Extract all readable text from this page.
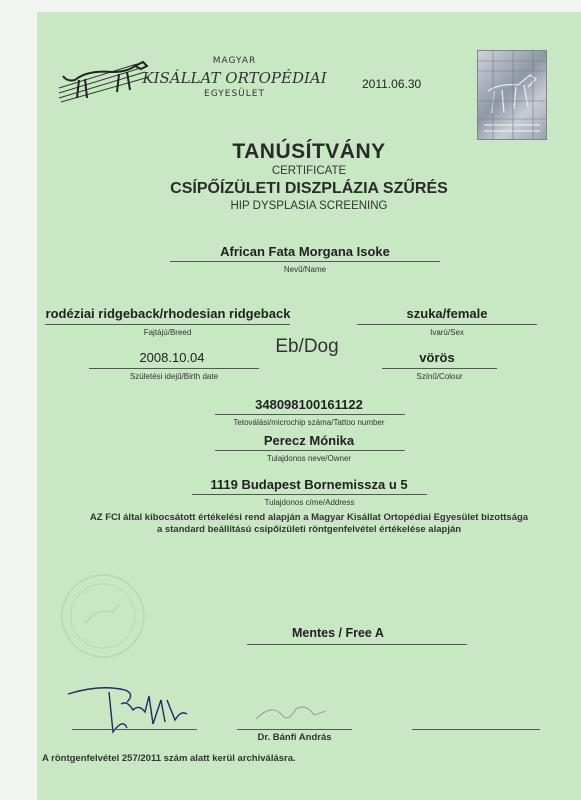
MAGYAR
KISÁLLAT ORTOPÉDIAI
EGYESÜLET
2011.06.30
TANÚSÍTVÁNY
CERTIFICATE
CSÍPŐÍZÜLETI DISZPLÁZIA SZŰRÉS
HIP DYSPLASIA SCREENING
African Fata Morgana Isoke
Nevű/Name
rodéziai ridgeback/rhodesian ridgeback
Fajtájú/Breed
szuka/female
Ivarú/Sex
Eb/Dog
2008.10.04
Születési idejű/Birth date
vörös
Színű/Colour
348098100161122
Tetoválási/microchip száma/Tattoo number
Perecz Mónika
Tulajdonos neve/Owner
1119 Budapest Bornemissza u 5
Tulajdonos címe/Address
AZ FCI által kibocsátott értékelési rend alapján a Magyar Kisállat Ortopédiai Egyesület bizottsága
a standard beállítású csípőízületi röntgenfelvétel értékelése alapján
Mentes / Free A
Dr. Bánfi András
A röntgenfelvétel 257/2011 szám alatt kerül archiválásra.
